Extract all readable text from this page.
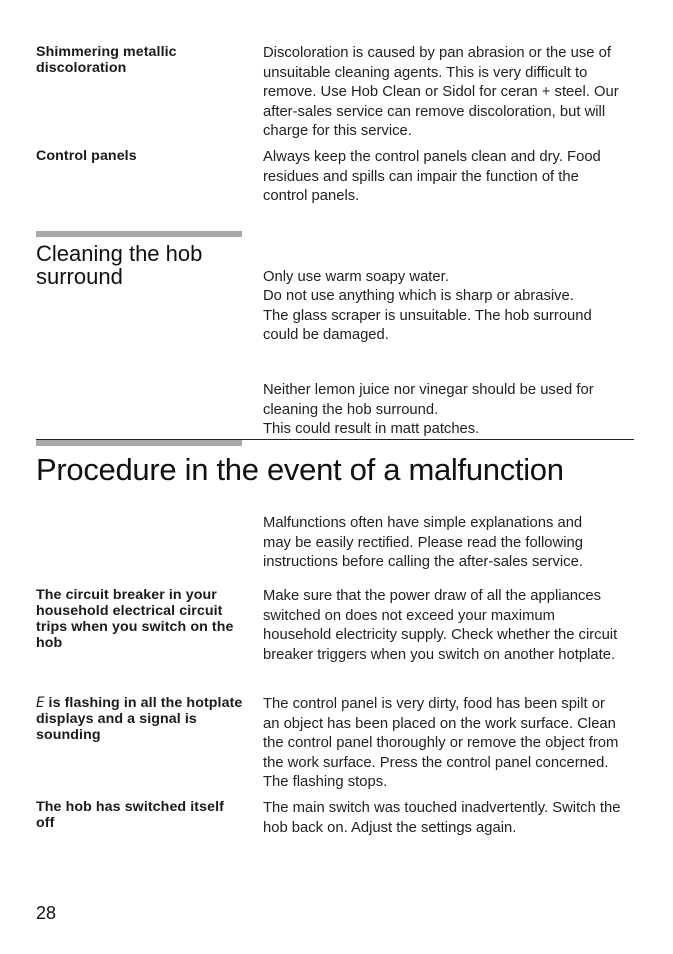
Shimmering metallic discoloration
Discoloration is caused by pan abrasion or the use of unsuitable cleaning agents. This is very difficult to remove. Use Hob Clean or Sidol for ceran + steel. Our after-sales service can remove discoloration, but will charge for this service.
Control panels	Always keep the control panels clean and dry. Food residues and spills can impair the function of the control panels.
Cleaning the hob surround	Only use warm soapy water.
Do not use anything which is sharp or abrasive.
The glass scraper is unsuitable. The hob surround could be damaged.

Neither lemon juice nor vinegar should be used for cleaning the hob surround.
This could result in matt patches.

Procedure in the event of a malfunction
Malfunctions often have simple explanations and may be easily rectified. Please read the following instructions before calling the after-sales service.
The circuit breaker in your household electrical circuit trips when you switch on the hob
Make sure that the power draw of all the appliances switched on does not exceed your maximum household electricity supply. Check whether the circuit breaker triggers when you switch on another hotplate.
E is flashing in all the hotplate displays and a signal is sounding
The control panel is very dirty, food has been spilt or an object has been placed on the work surface. Clean the control panel thoroughly or remove the object from the work surface. Press the control panel concerned. The flashing stops.
The hob has switched itself off
The main switch was touched inadvertently. Switch the hob back on. Adjust the settings again.
28
